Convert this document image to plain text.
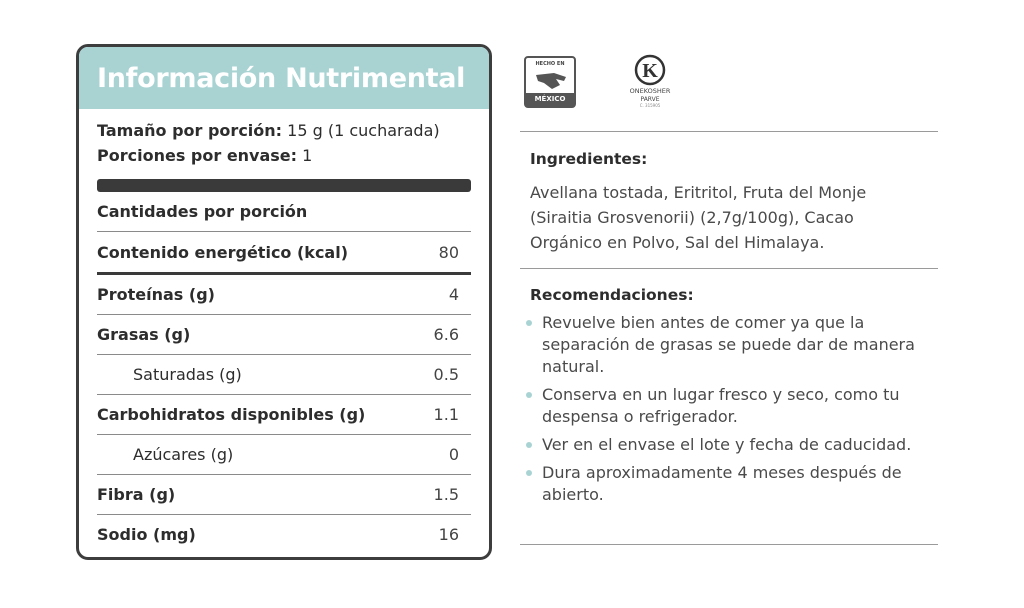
Información Nutrimental
Tamaño por porción: 15 g (1 cucharada)
Porciones por envase: 1
Cantidades por porción
Contenido energético (kcal)	80
Proteínas (g)	4
Grasas (g)	6.6
Saturadas (g)	0.5
Carbohidratos disponibles (g)	1.1
Azúcares (g)	0
Fibra (g)	1.5
Sodio (mg)	16
HECHO EN
MÉXICO
K
ONEKOSHER
PARVE
C. 315905
Ingredientes:
Avellana tostada, Eritritol, Fruta del Monje (Siraitia Grosvenorii) (2,7g/100g), Cacao Orgánico en Polvo, Sal del Himalaya.
Recomendaciones:
Revuelve bien antes de comer ya que la separación de grasas se puede dar de manera natural.
Conserva en un lugar fresco y seco, como tu despensa o refrigerador.
Ver en el envase el lote y fecha de caducidad.
Dura aproximadamente 4 meses después de abierto.
